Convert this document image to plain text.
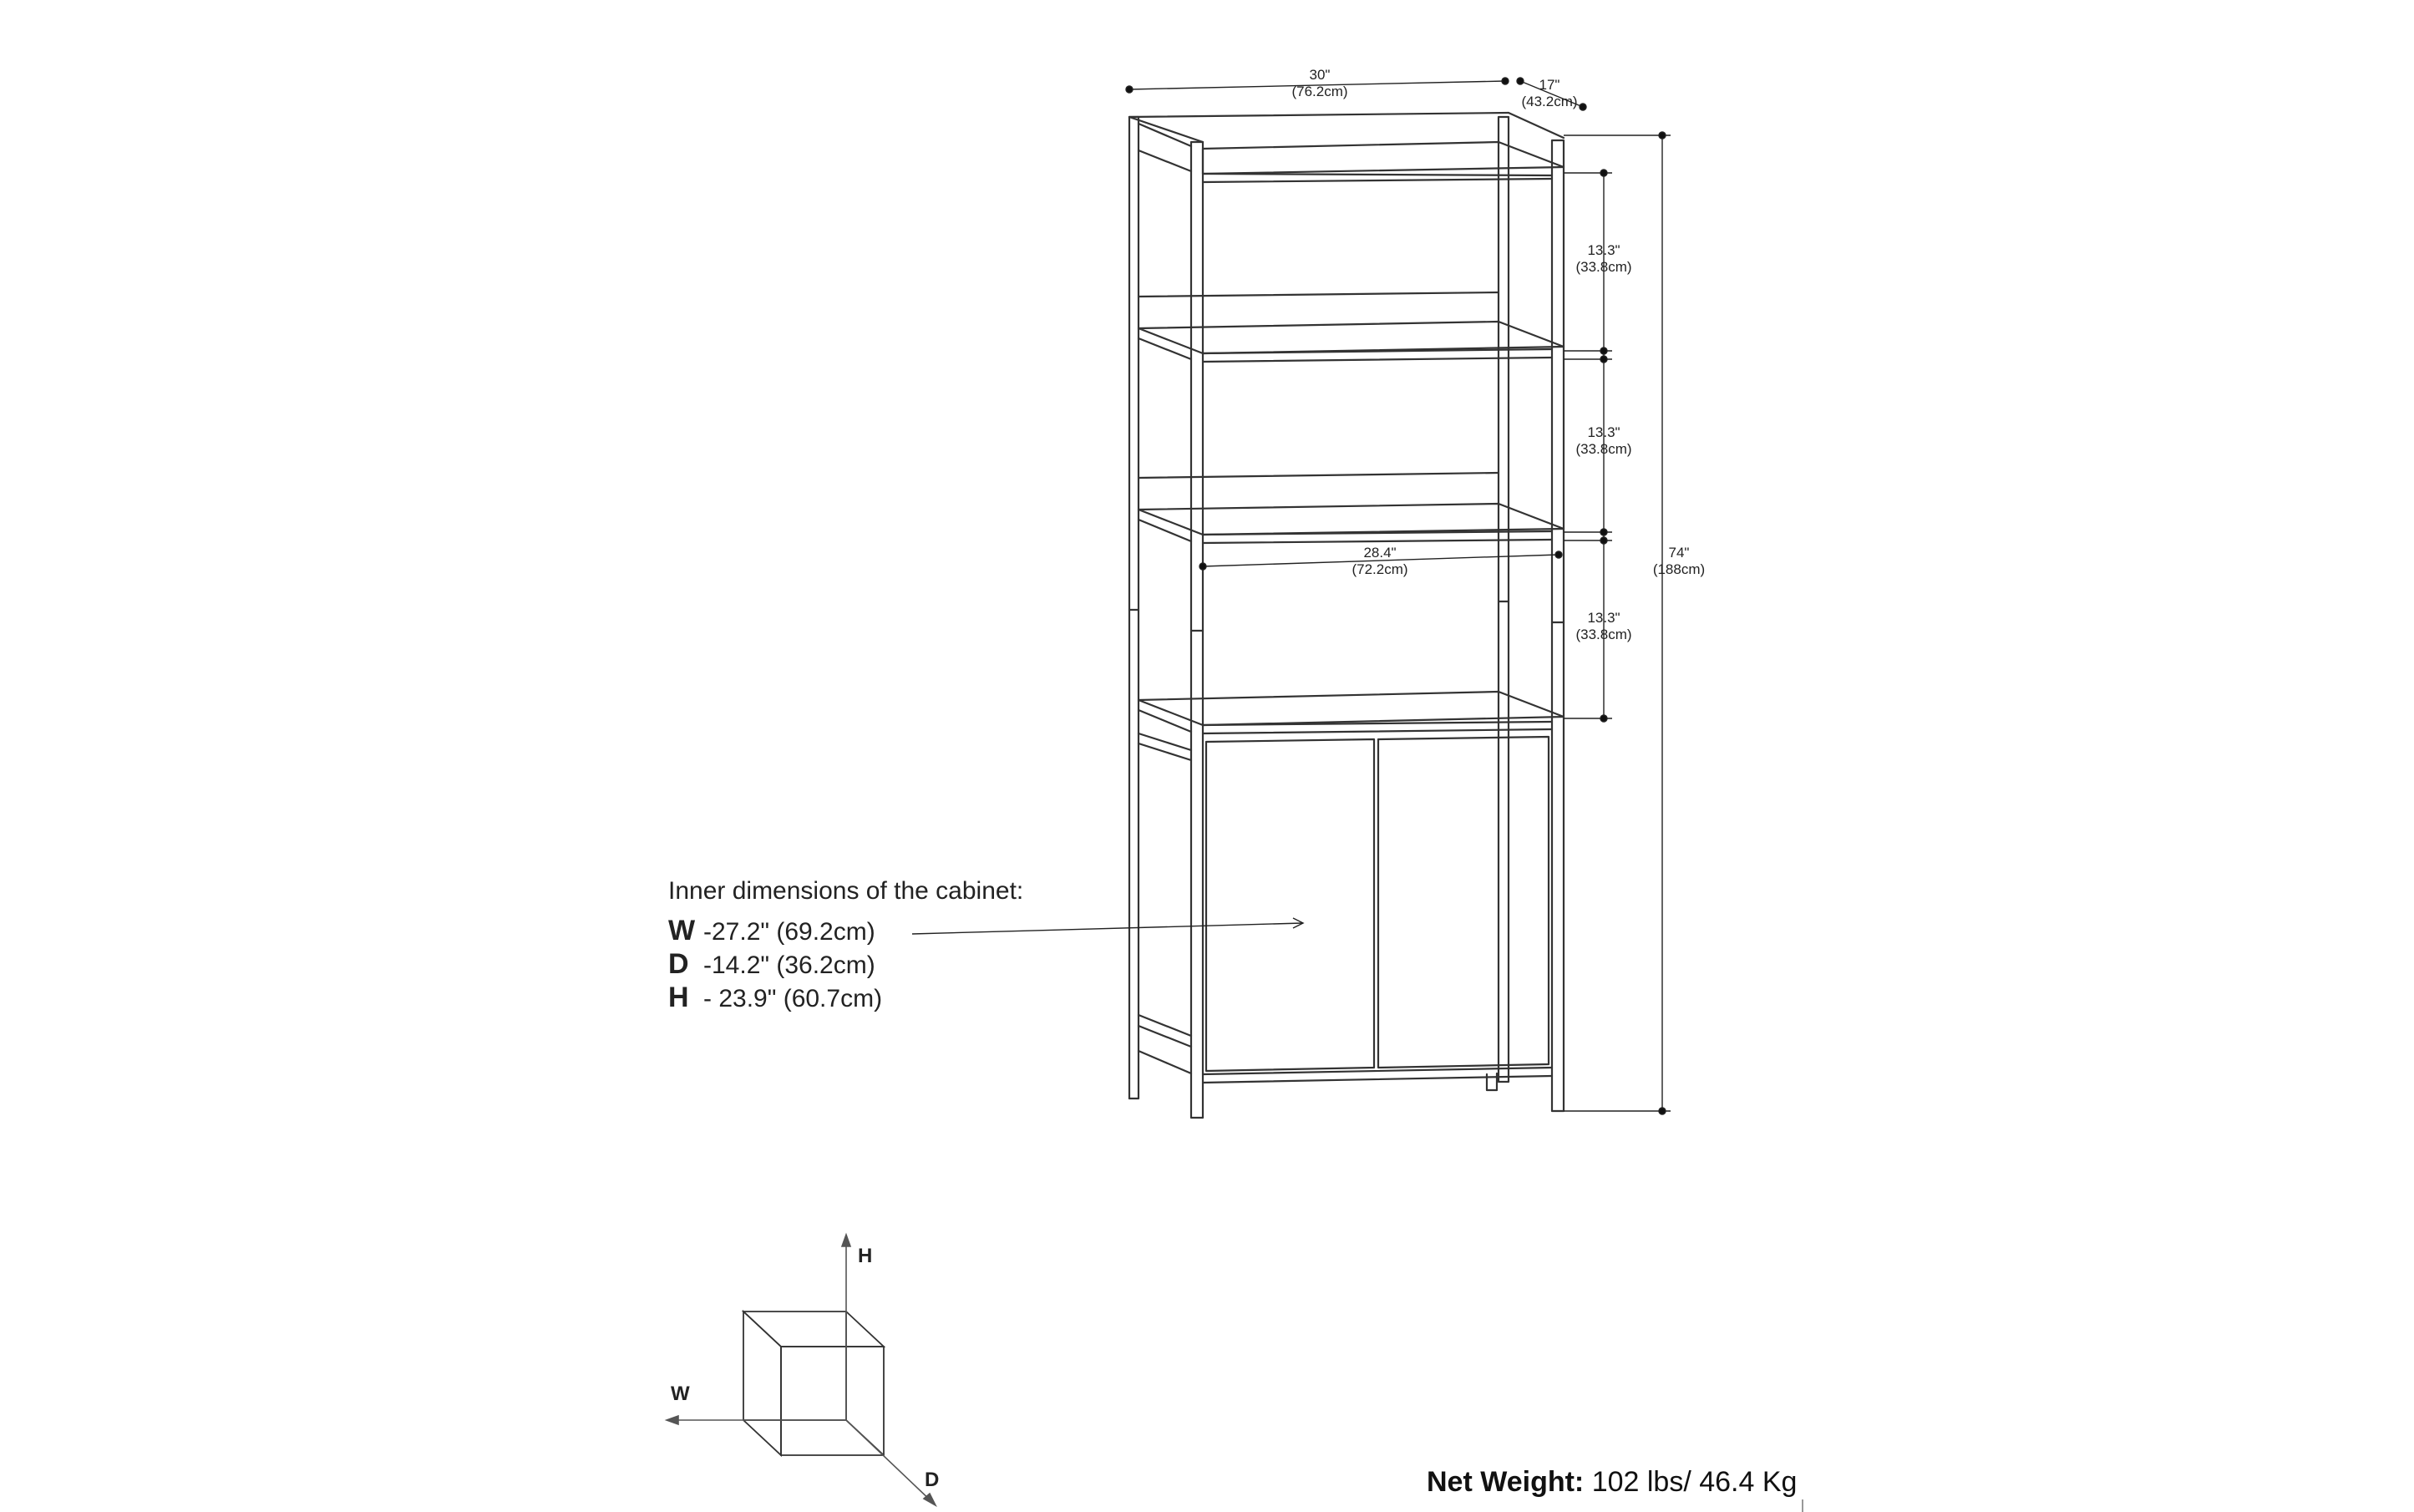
30"
(76.2cm)	17"
(43.2cm)
13.3"
(33.8cm)
13.3"
(33.8cm)
13.3"
(33.8cm)
74"
(188cm)
28.4"
(72.2cm)
Inner dimensions of the cabinet:
W -27.2" (69.2cm)
D -14.2" (36.2cm)
H - 23.9" (60.7cm)
H
W
D	Net Weight: 102 lbs/ 46.4 Kg
